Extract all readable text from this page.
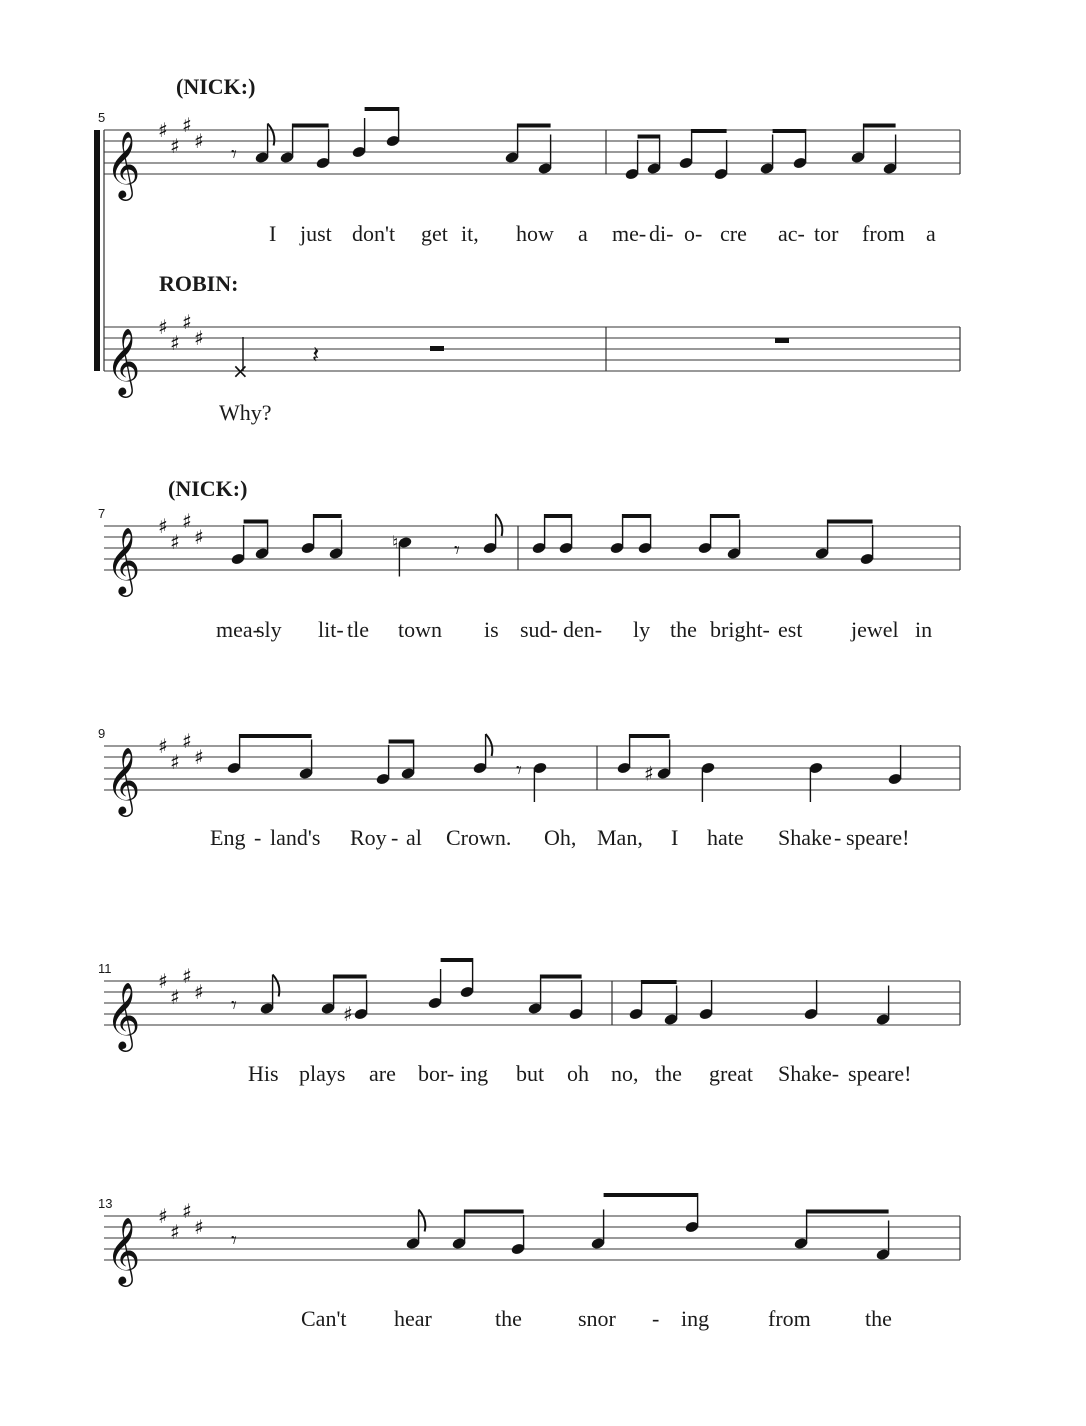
𝄞 ♯
♯
♯
♯
𝄞 ♯
♯
♯
♯
𝄞 ♯
♯
♯
♯
𝄞 ♯
♯
♯
♯
𝄞 ♯
♯
♯
♯
𝄞 ♯
♯
♯
♯
𝄾
×
𝄽
♮	𝄾
𝄾	♯
𝄾	♯
𝄾
5
(NICK:)
ROBIN:
I just don't get it, how a me- di- o- cre ac- tor from a
Why?
7
(NICK:)
mea-
sly lit- tle town is sud- den- ly the bright- est jewel in
9
Eng - land's Roy - al Crown. Oh, Man, I hate Shake - speare!
11
His plays are bor- ing but oh no, the great Shake- speare!
13
Can't hear	the	snor - ing	from the
